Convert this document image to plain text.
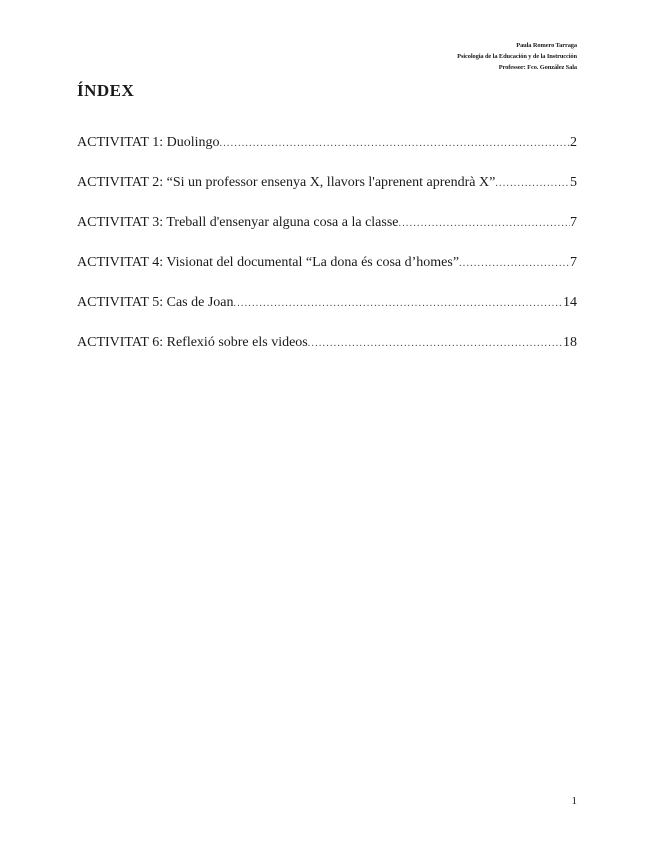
Paula Romero Tarraga
Psicologia de la Educación y de la Instrucción
Professor: Fco. González Sala
ÍNDEX
ACTIVITAT 1: Duolingo .....	2
ACTIVITAT 2: “Si un professor ensenya X, llavors l'aprenent aprendrà X” .....	5
ACTIVITAT 3: Treball d'ensenyar alguna cosa a la classe .....	7
ACTIVITAT 4: Visionat del documental “La dona és cosa d’homes” .....	7
ACTIVITAT 5: Cas de Joan .....	14
ACTIVITAT 6: Reflexió sobre els videos .....	18
1
